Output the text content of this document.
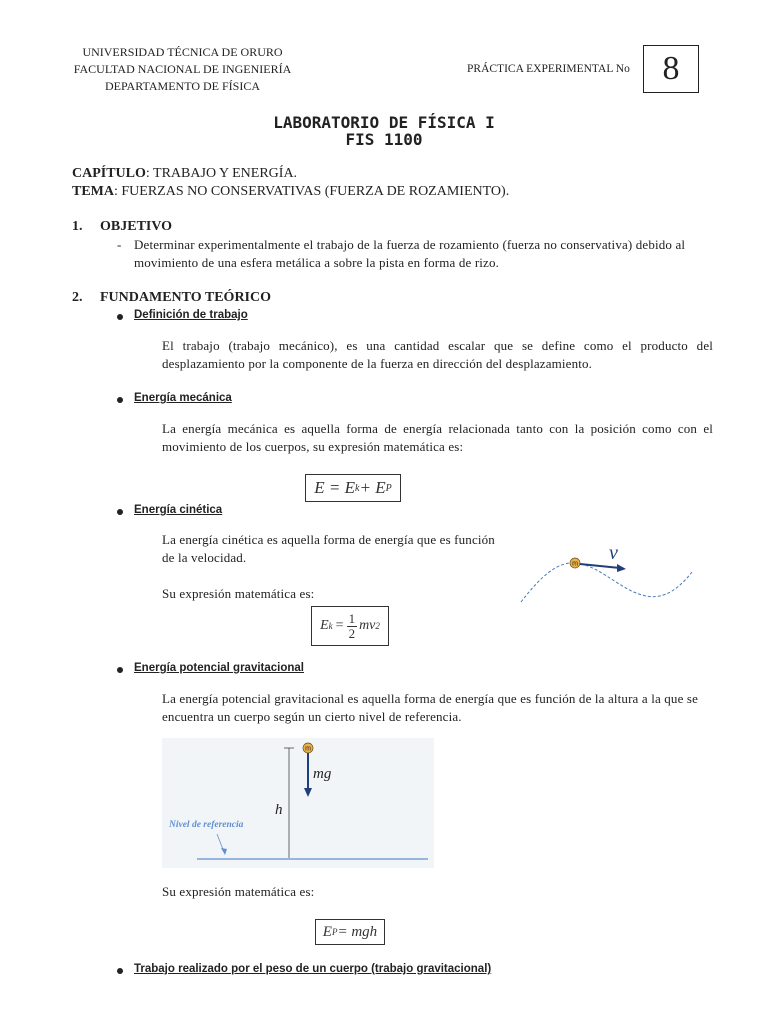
UNIVERSIDAD TÉCNICA DE ORURO
FACULTAD NACIONAL DE INGENIERÍA
DEPARTAMENTO DE FÍSICA
PRÁCTICA EXPERIMENTAL No 8
LABORATORIO DE FÍSICA I
FIS 1100
CAPÍTULO: TRABAJO Y ENERGÍA.
TEMA: FUERZAS NO CONSERVATIVAS (FUERZA DE ROZAMIENTO).
1. OBJETIVO
- Determinar experimentalmente el trabajo de la fuerza de rozamiento (fuerza no conservativa) debido al movimiento de una esfera metálica a sobre la pista en forma de rizo.
2. FUNDAMENTO TEÓRICO
Definición de trabajo
El trabajo (trabajo mecánico), es una cantidad escalar que se define como el producto del desplazamiento por la componente de la fuerza en dirección del desplazamiento.
Energía mecánica
La energía mecánica es aquella forma de energía relacionada tanto con la posición como con el movimiento de los cuerpos, su expresión matemática es:
E = E k + E P
Energía cinética
La energía cinética es aquella forma de energía que es función de la velocidad.
Su expresión matemática es:
E $k = \frac{1}{2}$ mv 2
m v
Energía potencial gravitacional
La energía potencial gravitacional es aquella forma de energía que es función de la altura a la que se encuentra un cuerpo según un cierto nivel de referencia.
m
mg
h
Nivel de referencia
Su expresión matemática es:
E P = mgh
Trabajo realizado por el peso de un cuerpo (trabajo gravitacional)
